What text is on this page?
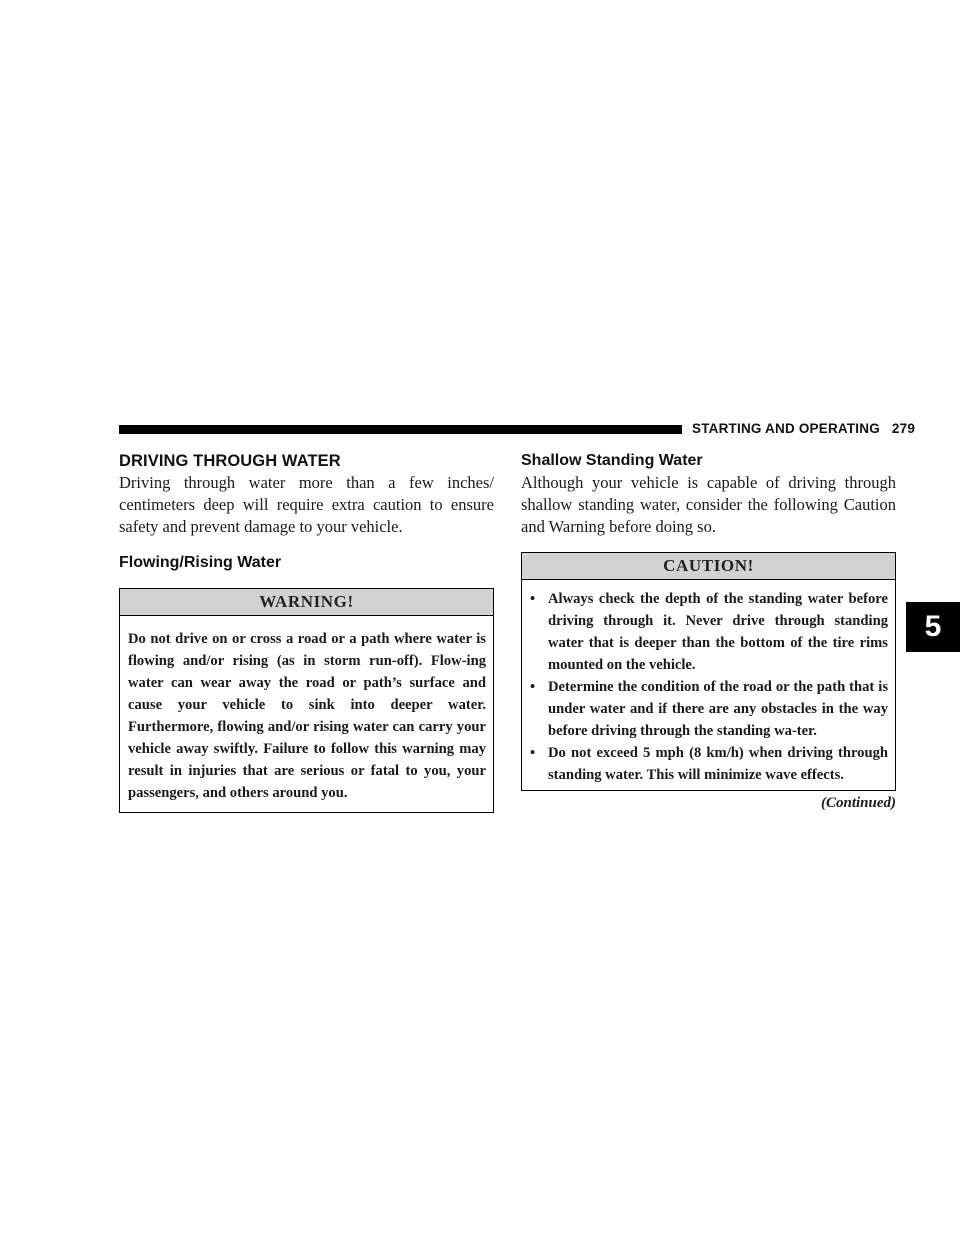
STARTING AND OPERATING 279
5
DRIVING THROUGH WATER

Driving through water more than a few inches/ centimeters deep will require extra caution to ensure safety and prevent damage to your vehicle.

Flowing/Rising Water
WARNING!
Do not drive on or cross a road or a path where water is flowing and/or rising (as in storm run-off). Flow-ing water can wear away the road or path’s surface and cause your vehicle to sink into deeper water. Furthermore, flowing and/or rising water can carry your vehicle away swiftly. Failure to follow this warning may result in injuries that are serious or fatal to you, your passengers, and others around you.
Shallow Standing Water

Although your vehicle is capable of driving through shallow standing water, consider the following Caution and Warning before doing so.

CAUTION!
• Always check the depth of the standing water before driving through it. Never drive through standing water that is deeper than the bottom of the tire rims mounted on the vehicle.
• Determine the condition of the road or the path that is under water and if there are any obstacles in the way before driving through the standing wa-ter.
• Do not exceed 5 mph (8 km/h) when driving through standing water. This will minimize wave effects.
(Continued)
